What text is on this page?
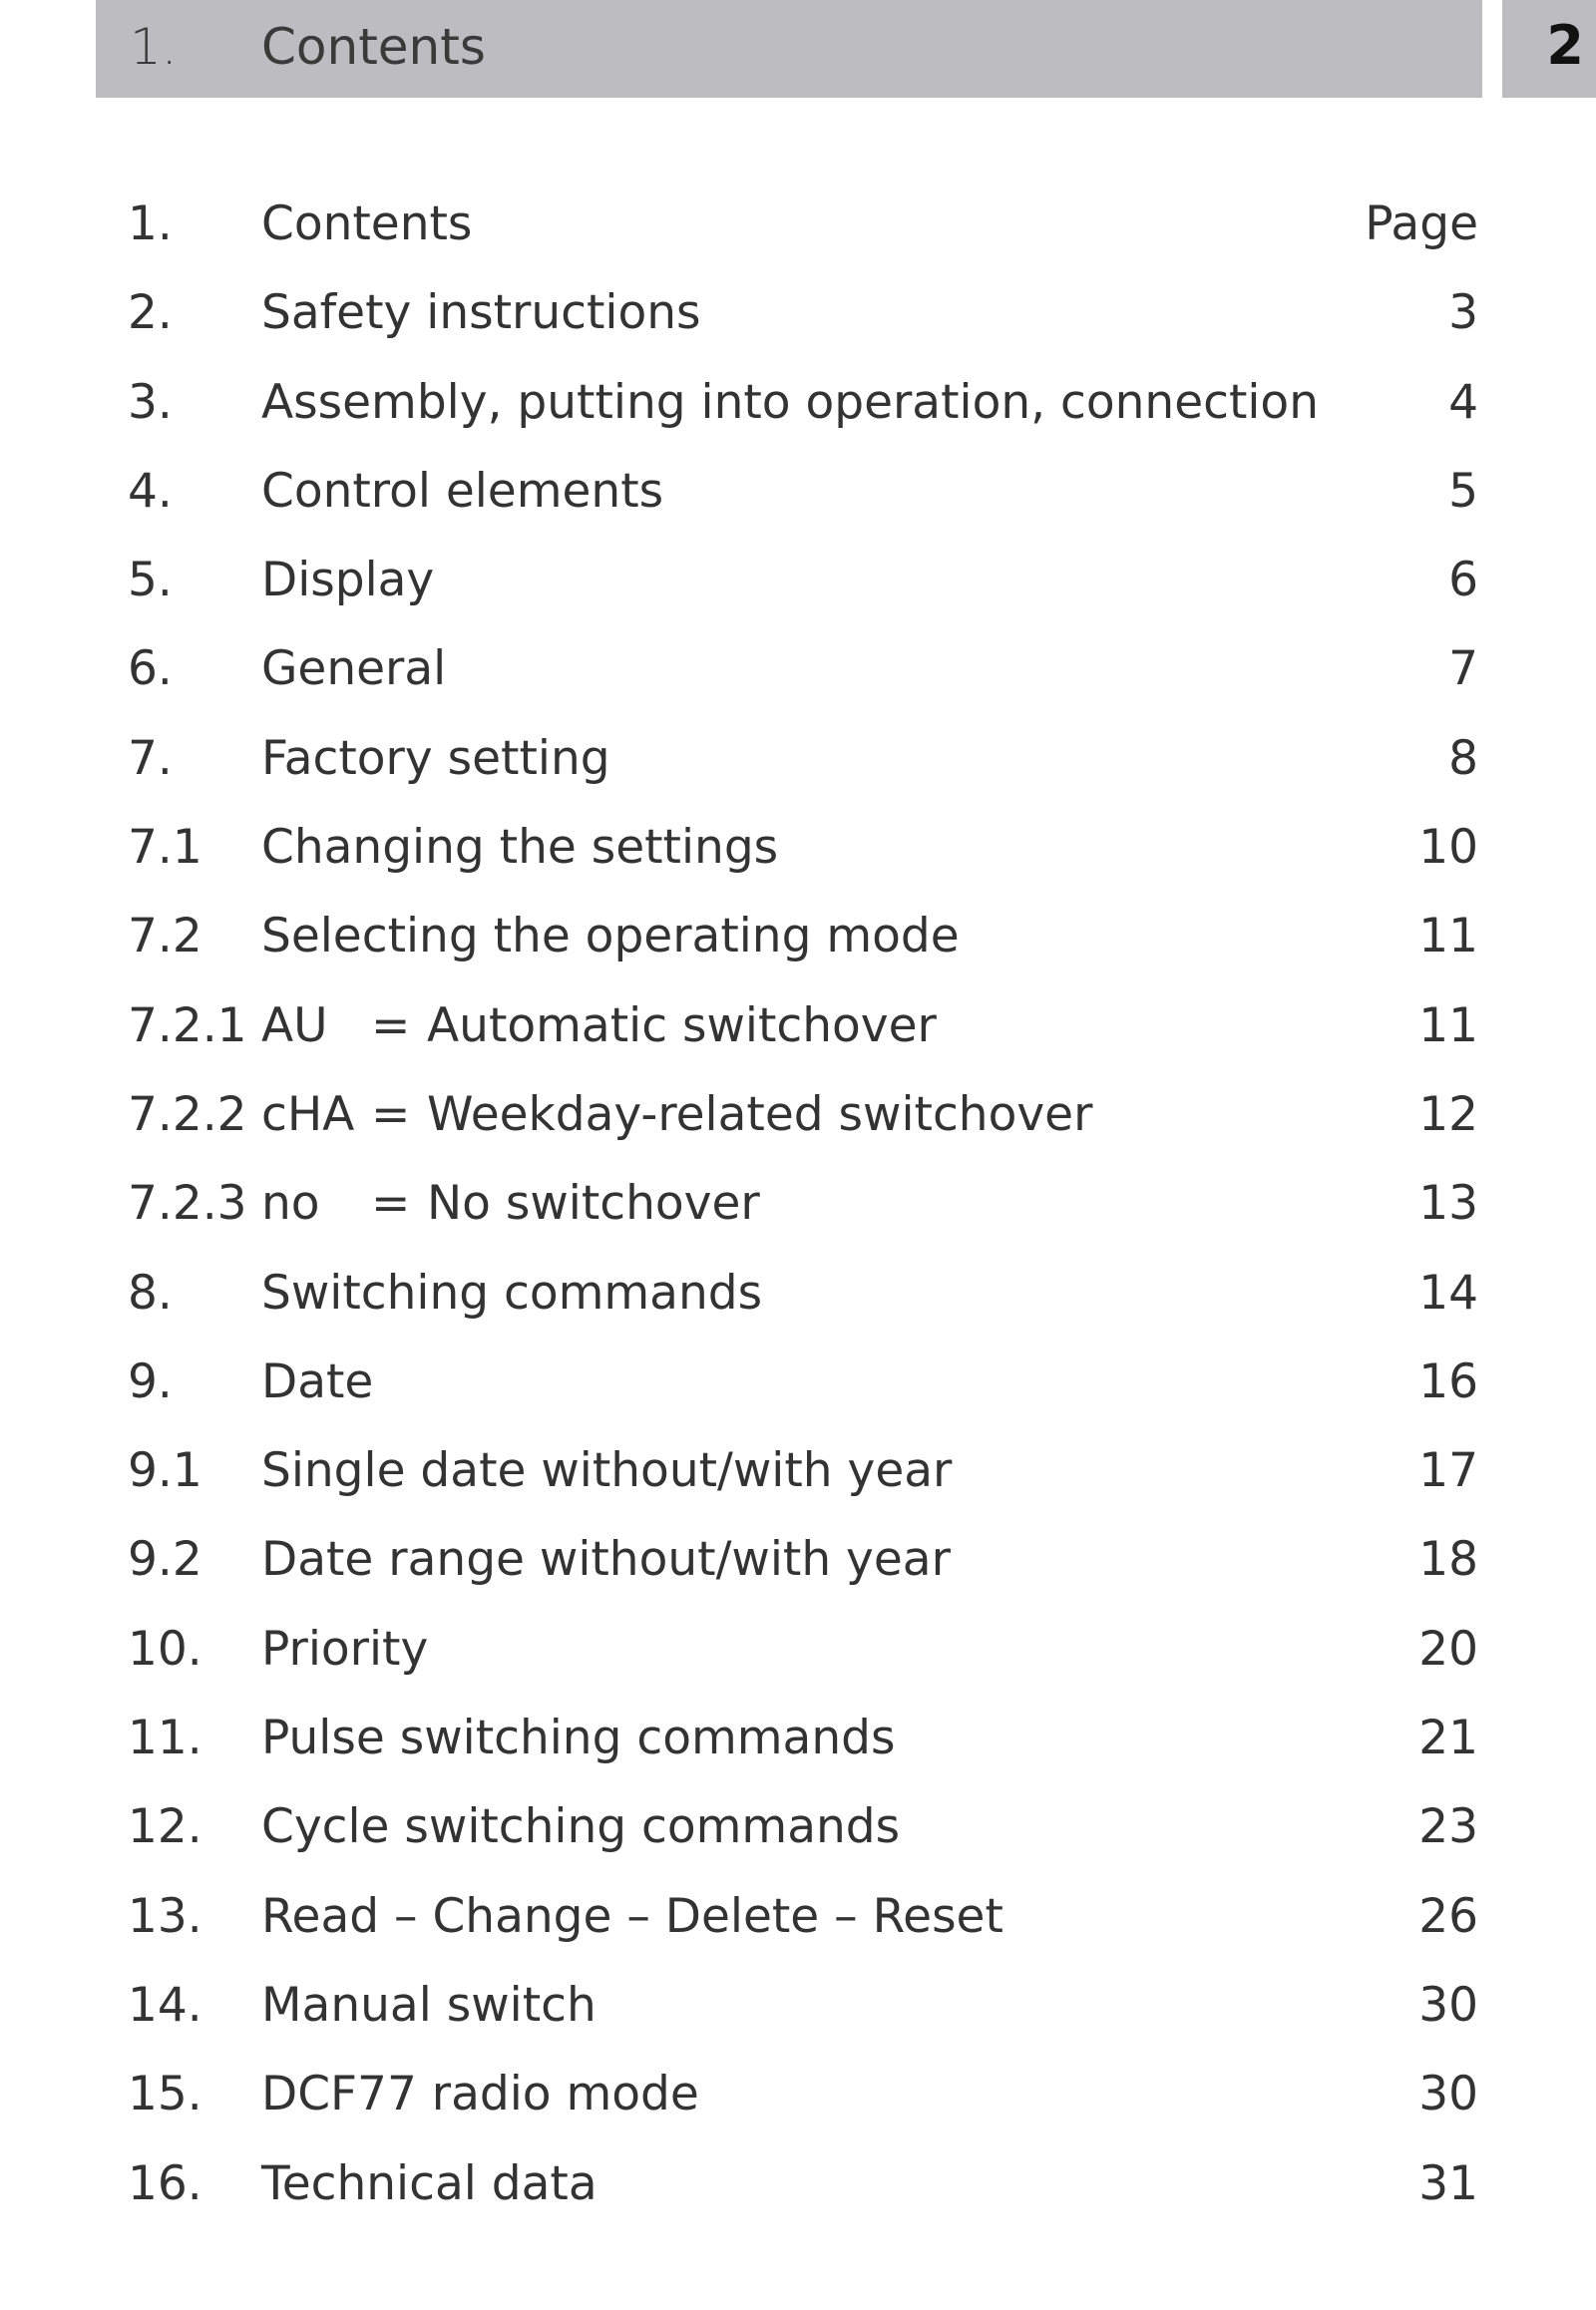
1. Contents	2
1. Contents	Page
2. Safety instructions	3
3. Assembly, putting into operation, connection	4
4. Control elements	5
5. Display	6
6. General	7
7. Factory setting	8
7.1 Changing the settings	10
7.2 Selecting the operating mode	11
7.2.1 AU = Automatic switchover	11
7.2.2 cHA = Weekday-related switchover	12
7.2.3 no = No switchover	13
8. Switching commands	14
9. Date	16
9.1 Single date without/with year	17
9.2 Date range without/with year	18
10. Priority	20
11. Pulse switching commands	21
12. Cycle switching commands	23
13. Read – Change – Delete – Reset	26
14. Manual switch	30
15. DCF77 radio mode	30
16. Technical data	31
